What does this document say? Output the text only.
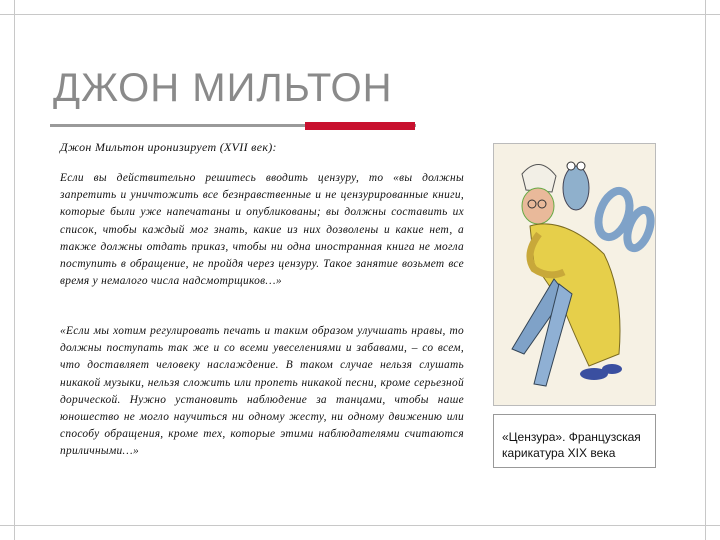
ДЖОН МИЛЬТОН
Джон Мильтон иронизирует (XVII век):
Если вы действительно решитесь вводить цензуру, то «вы должны запретить и уничтожить все безнравственные и не цензурированные книги, которые были уже напечатаны и опубликованы; вы должны составить их список, чтобы каждый мог знать, какие из них дозволены и какие нет, а также должны отдать приказ, чтобы ни одна иностранная книга не могла поступить в обращение, не пройдя через цензуру. Такое занятие возьмет все время у немалого числа надсмотрщиков…»
«Если мы хотим регулировать печать и таким образом улучшать нравы, то должны поступать так же и со всеми увеселениями и забавами, – со всем, что доставляет человеку наслаждение. В таком случае нельзя слушать никакой музыки, нельзя сложить или пропеть никакой песни, кроме серьезной дорической. Нужно установить наблюдение за танцами, чтобы наше юношество не могло научиться ни одному жесту, ни одному движению или способу обращения, кроме тех, которые этими наблюдателями считаются приличными…»
«Цензура». Французская карикатура XIX века
